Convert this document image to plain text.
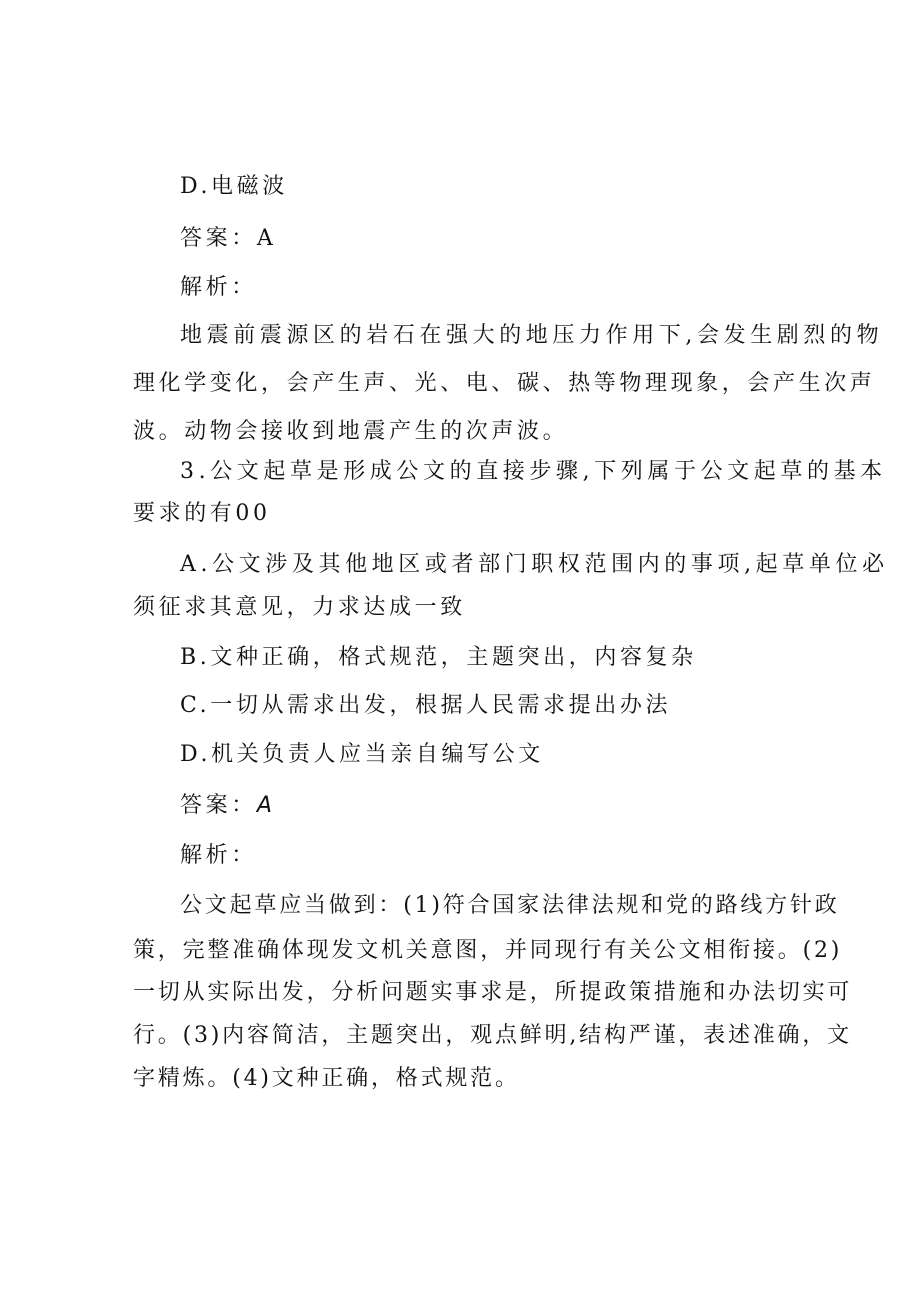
D.电磁波
答案：A
解析：
地震前震源区的岩石在强大的地压力作用下,会发生剧烈的物
理化学变化，会产生声、光、电、碳、热等物理现象，会产生次声
波。动物会接收到地震产生的次声波。
3.公文起草是形成公文的直接步骤,下列属于公文起草的基本
要求的有00
A.公文涉及其他地区或者部门职权范围内的事项,起草单位必
须征求其意见，力求达成一致
B.文种正确，格式规范，主题突出，内容复杂
C.一切从需求出发，根据人民需求提出办法
D.机关负责人应当亲自编写公文
答案：A
解析：
公文起草应当做到：(1)符合国家法律法规和党的路线方针政
策，完整准确体现发文机关意图，并同现行有关公文相衔接。(2)
一切从实际出发，分析问题实事求是，所提政策措施和办法切实可
行。(3)内容简洁，主题突出，观点鲜明,结构严谨，表述准确，文
字精炼。(4)文种正确，格式规范。
